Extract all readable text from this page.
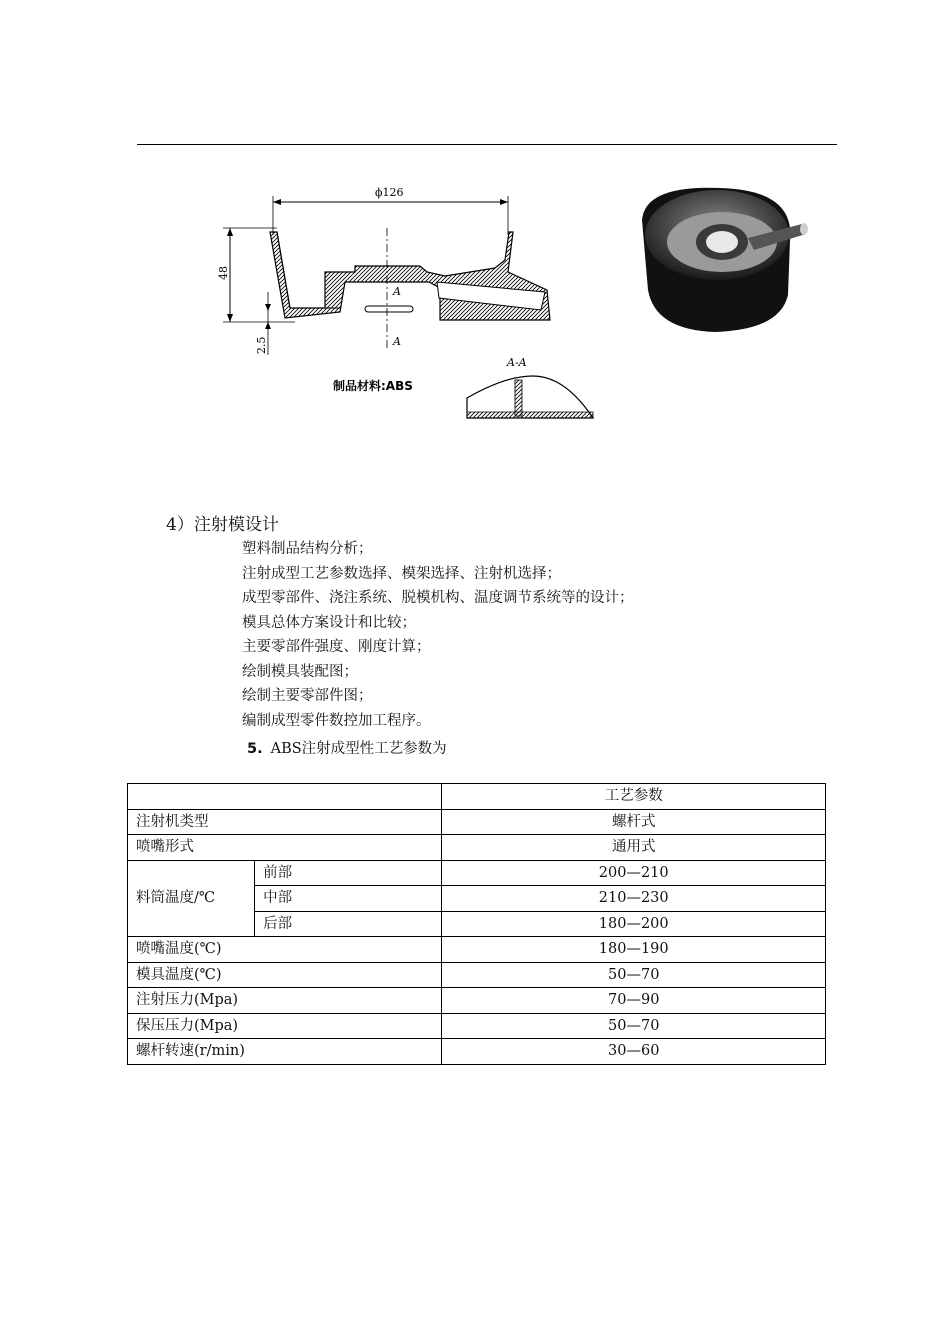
ϕ126
48
2.5
A
A
制品材料:ABS
A-A
4）注射模设计
塑料制品结构分析；
注射成型工艺参数选择、模架选择、注射机选择；
成型零部件、浇注系统、脱模机构、温度调节系统等的设计；
模具总体方案设计和比较；
主要零部件强度、刚度计算；
绘制模具装配图；
绘制主要零部件图；
编制成型零件数控加工程序。
5. ABS注射成型性工艺参数为
		工艺参数
注射机类型		螺杆式
喷嘴形式		通用式
料筒温度/℃	前部	200—210
	中部	210—230
	后部	180—200
喷嘴温度(℃)		180—190
模具温度(℃)		50—70
注射压力(Mpa)		70—90
保压压力(Mpa)		50—70
螺杆转速(r/min)		30—60
